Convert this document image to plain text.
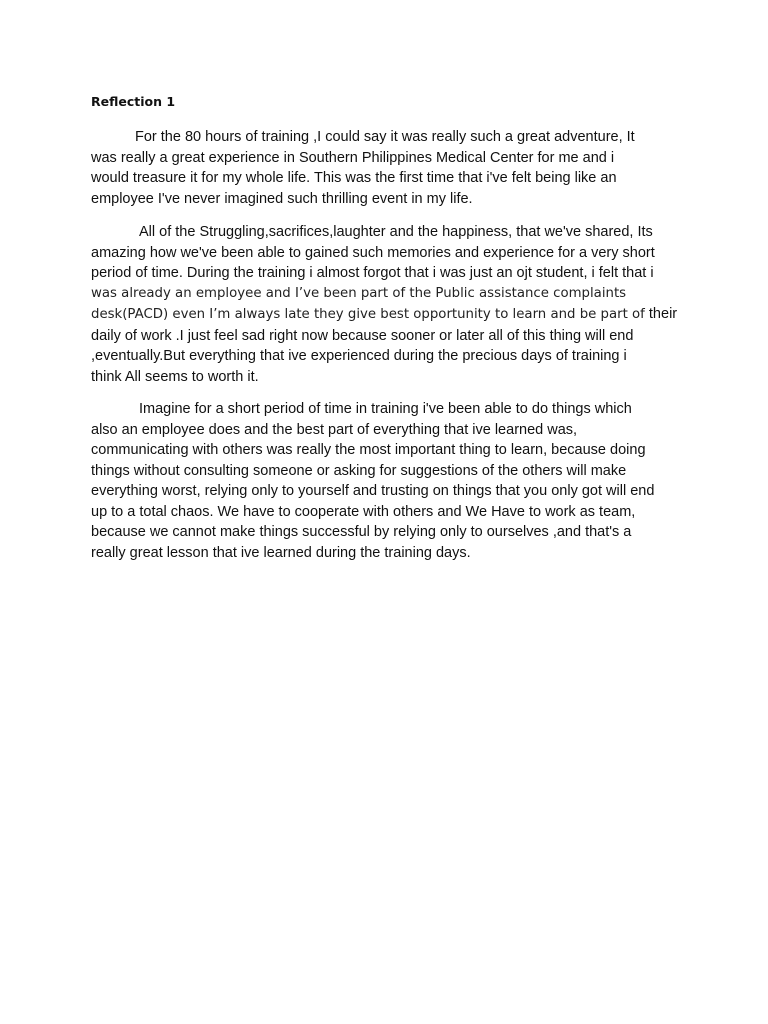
Reflection 1

For the 80 hours of training ,I could say it was really such a great adventure, It
was really a great experience in Southern Philippines Medical Center for me and i
would treasure it for my whole life. This was the first time that i've felt being like an
employee I've never imagined such thrilling event in my life.

All of the Struggling,sacrifices,laughter and the happiness, that we've shared, Its
amazing how we've been able to gained such memories and experience for a very short
period of time. During the training i almost forgot that i was just an ojt student, i felt that i
was already an employee and I’ve been part of the Public assistance complaints
desk(PACD) even I’m always late they give best opportunity to learn and be part of their
daily of work .I just feel sad right now because sooner or later all of this thing will end
,eventually.But everything that ive experienced during the precious days of training i
think All seems to worth it.

Imagine for a short period of time in training i've been able to do things which
also an employee does and the best part of everything that ive learned was,
communicating with others was really the most important thing to learn, because doing
things without consulting someone or asking for suggestions of the others will make
everything worst, relying only to yourself and trusting on things that you only got will end
up to a total chaos. We have to cooperate with others and We Have to work as team,
because we cannot make things successful by relying only to ourselves ,and that's a
really great lesson that ive learned during the training days.
